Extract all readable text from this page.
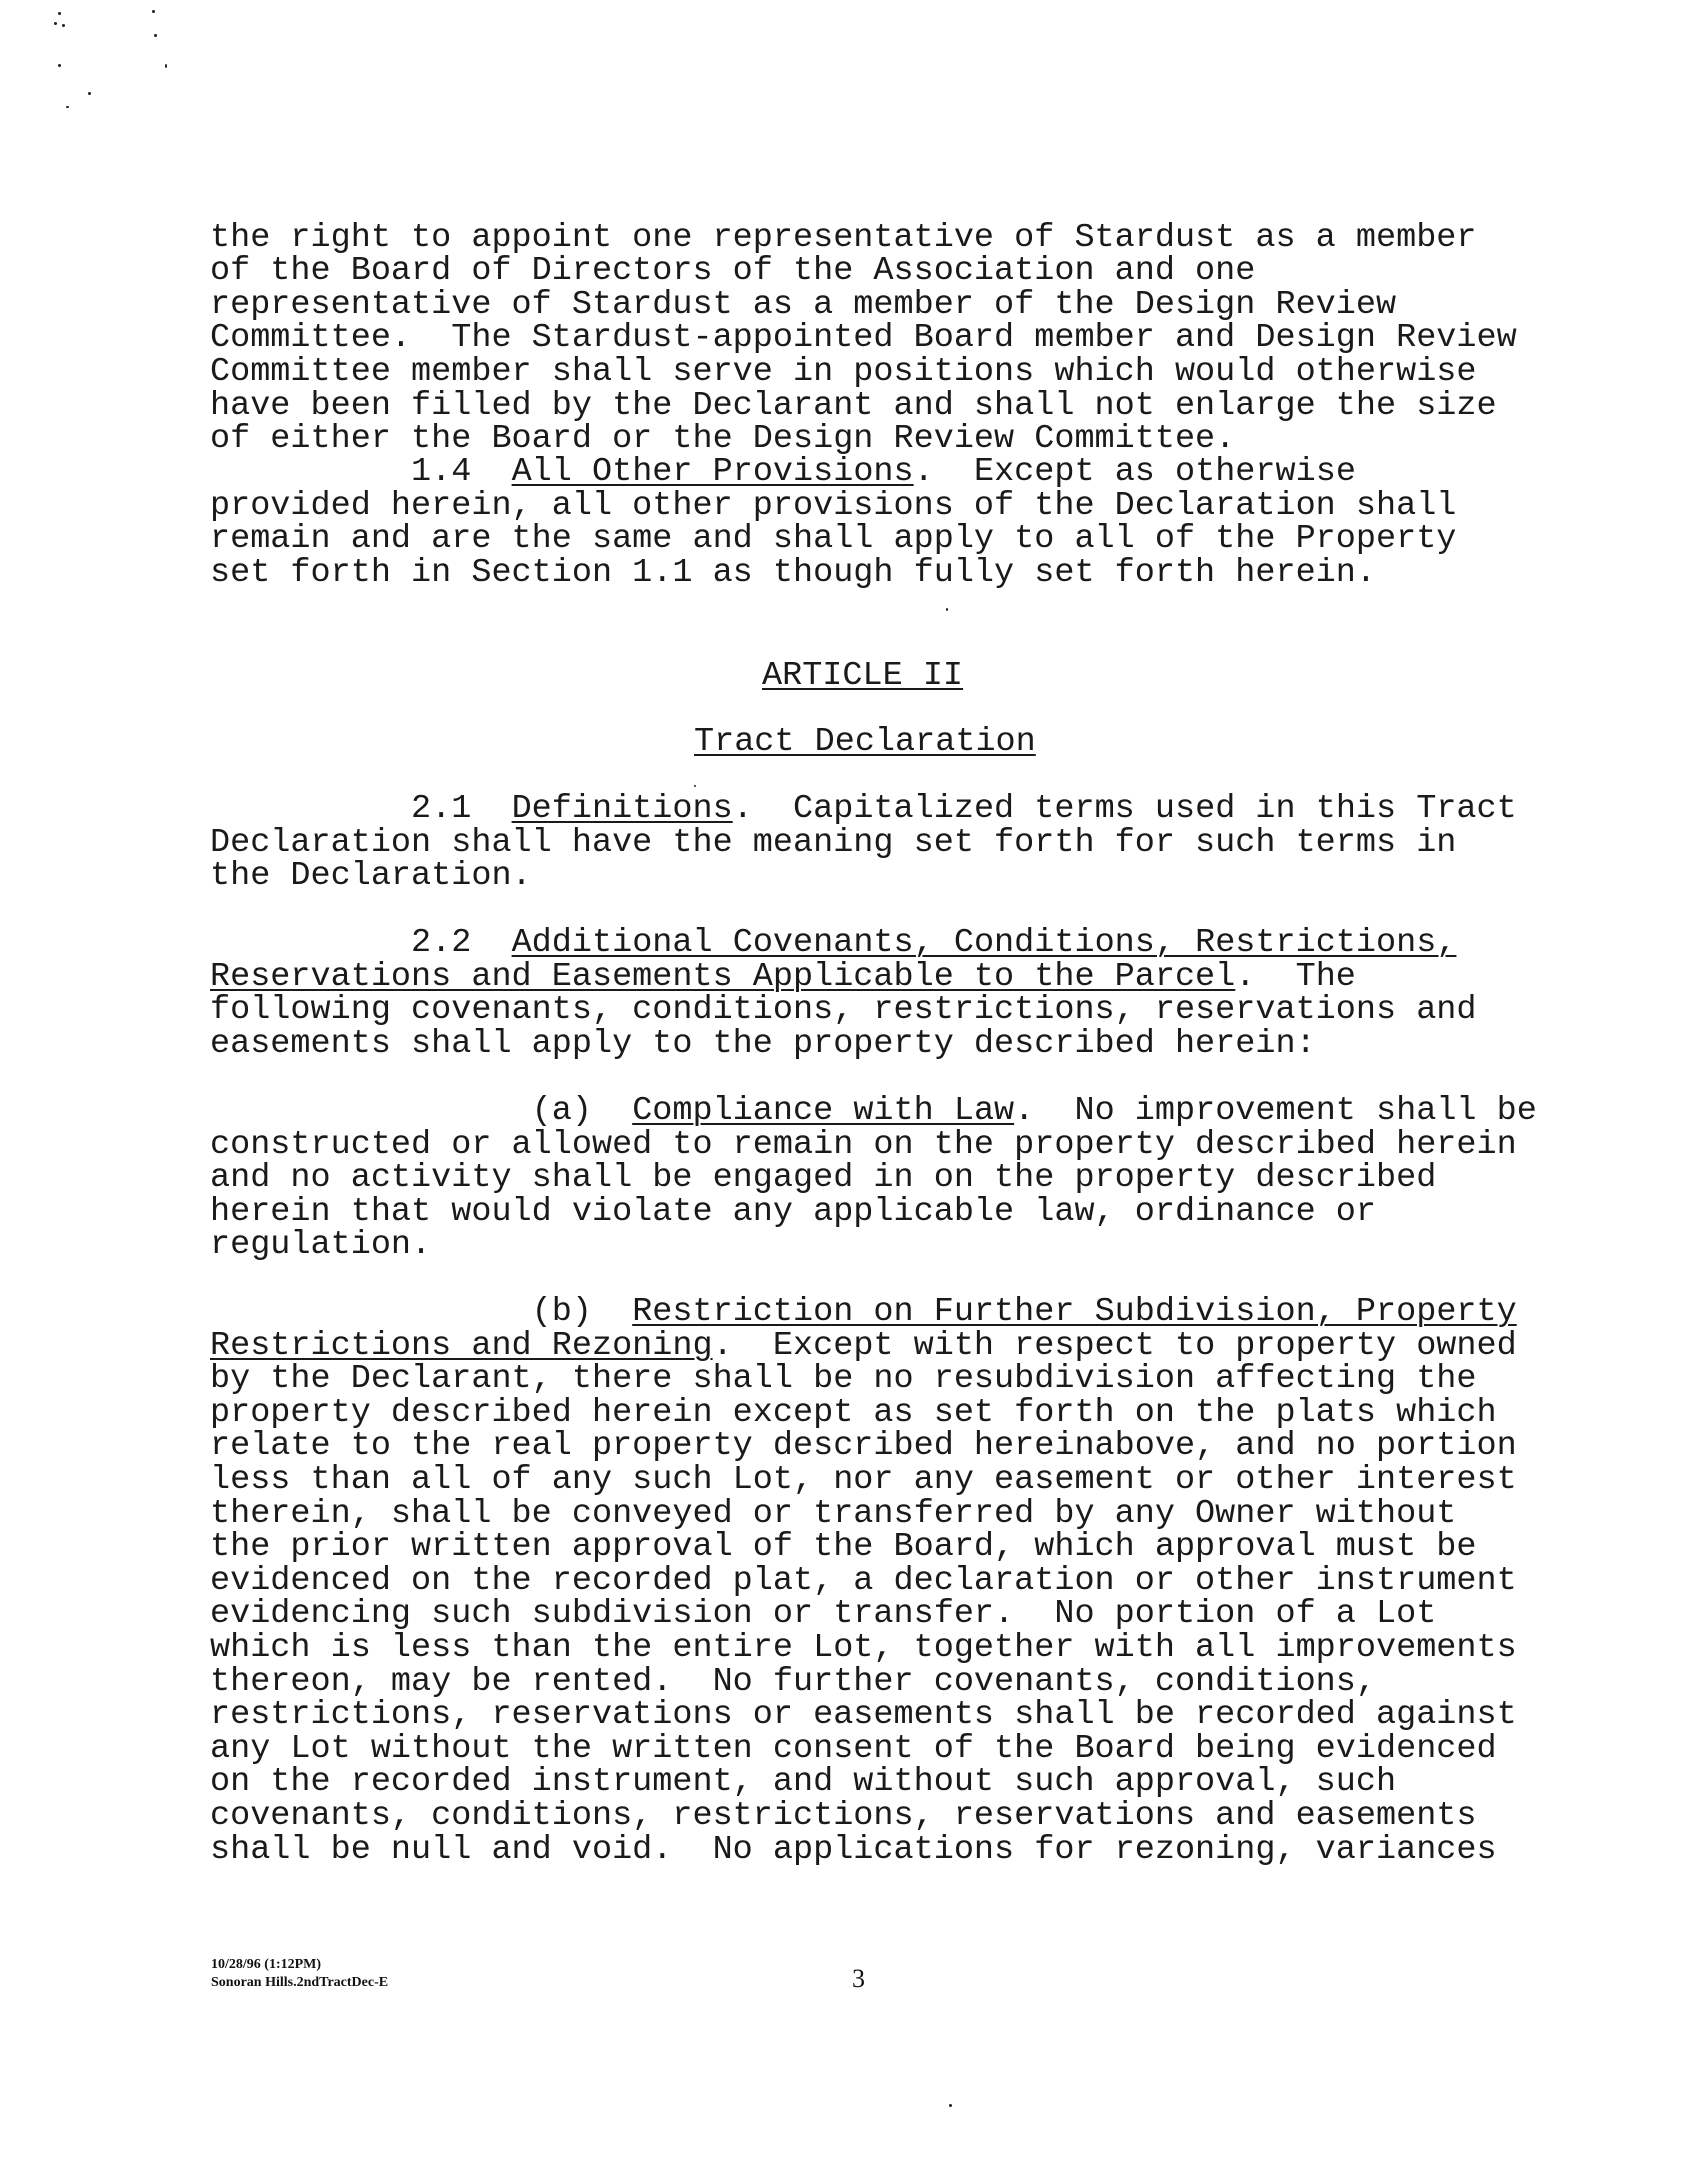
the right to appoint one representative of Stardust as a member
of the Board of Directors of the Association and one
representative of Stardust as a member of the Design Review
Committee.  The Stardust-appointed Board member and Design Review
Committee member shall serve in positions which would otherwise
have been filled by the Declarant and shall not enlarge the size
of either the Board or the Design Review Committee.

1.4 All Other Provisions.  Except as otherwise
provided herein, all other provisions of the Declaration shall
remain and are the same and shall apply to all of the Property
set forth in Section 1.1 as though fully set forth herein.

ARTICLE II
Tract Declaration
2.1 Definitions.  Capitalized terms used in this Tract
Declaration shall have the meaning set forth for such terms in
the Declaration.

2.2 Additional Covenants, Conditions, Restrictions,
Reservations and Easements Applicable to the Parcel.  The
following covenants, conditions, restrictions, reservations and
easements shall apply to the property described herein:

(a) Compliance with Law.  No improvement shall be
constructed or allowed to remain on the property described herein
and no activity shall be engaged in on the property described
herein that would violate any applicable law, ordinance or
regulation.

(b) Restriction on Further Subdivision, Property
Restrictions and Rezoning.  Except with respect to property owned
by the Declarant, there shall be no resubdivision affecting the
property described herein except as set forth on the plats which
relate to the real property described hereinabove, and no portion
less than all of any such Lot, nor any easement or other interest
therein, shall be conveyed or transferred by any Owner without
the prior written approval of the Board, which approval must be
evidenced on the recorded plat, a declaration or other instrument
evidencing such subdivision or transfer.  No portion of a Lot
which is less than the entire Lot, together with all improvements
thereon, may be rented.  No further covenants, conditions,
restrictions, reservations or easements shall be recorded against
any Lot without the written consent of the Board being evidenced
on the recorded instrument, and without such approval, such
covenants, conditions, restrictions, reservations and easements
shall be null and void.  No applications for rezoning, variances

10/28/96 (1:12PM)
Sonoran Hills.2ndTractDec-E	3
